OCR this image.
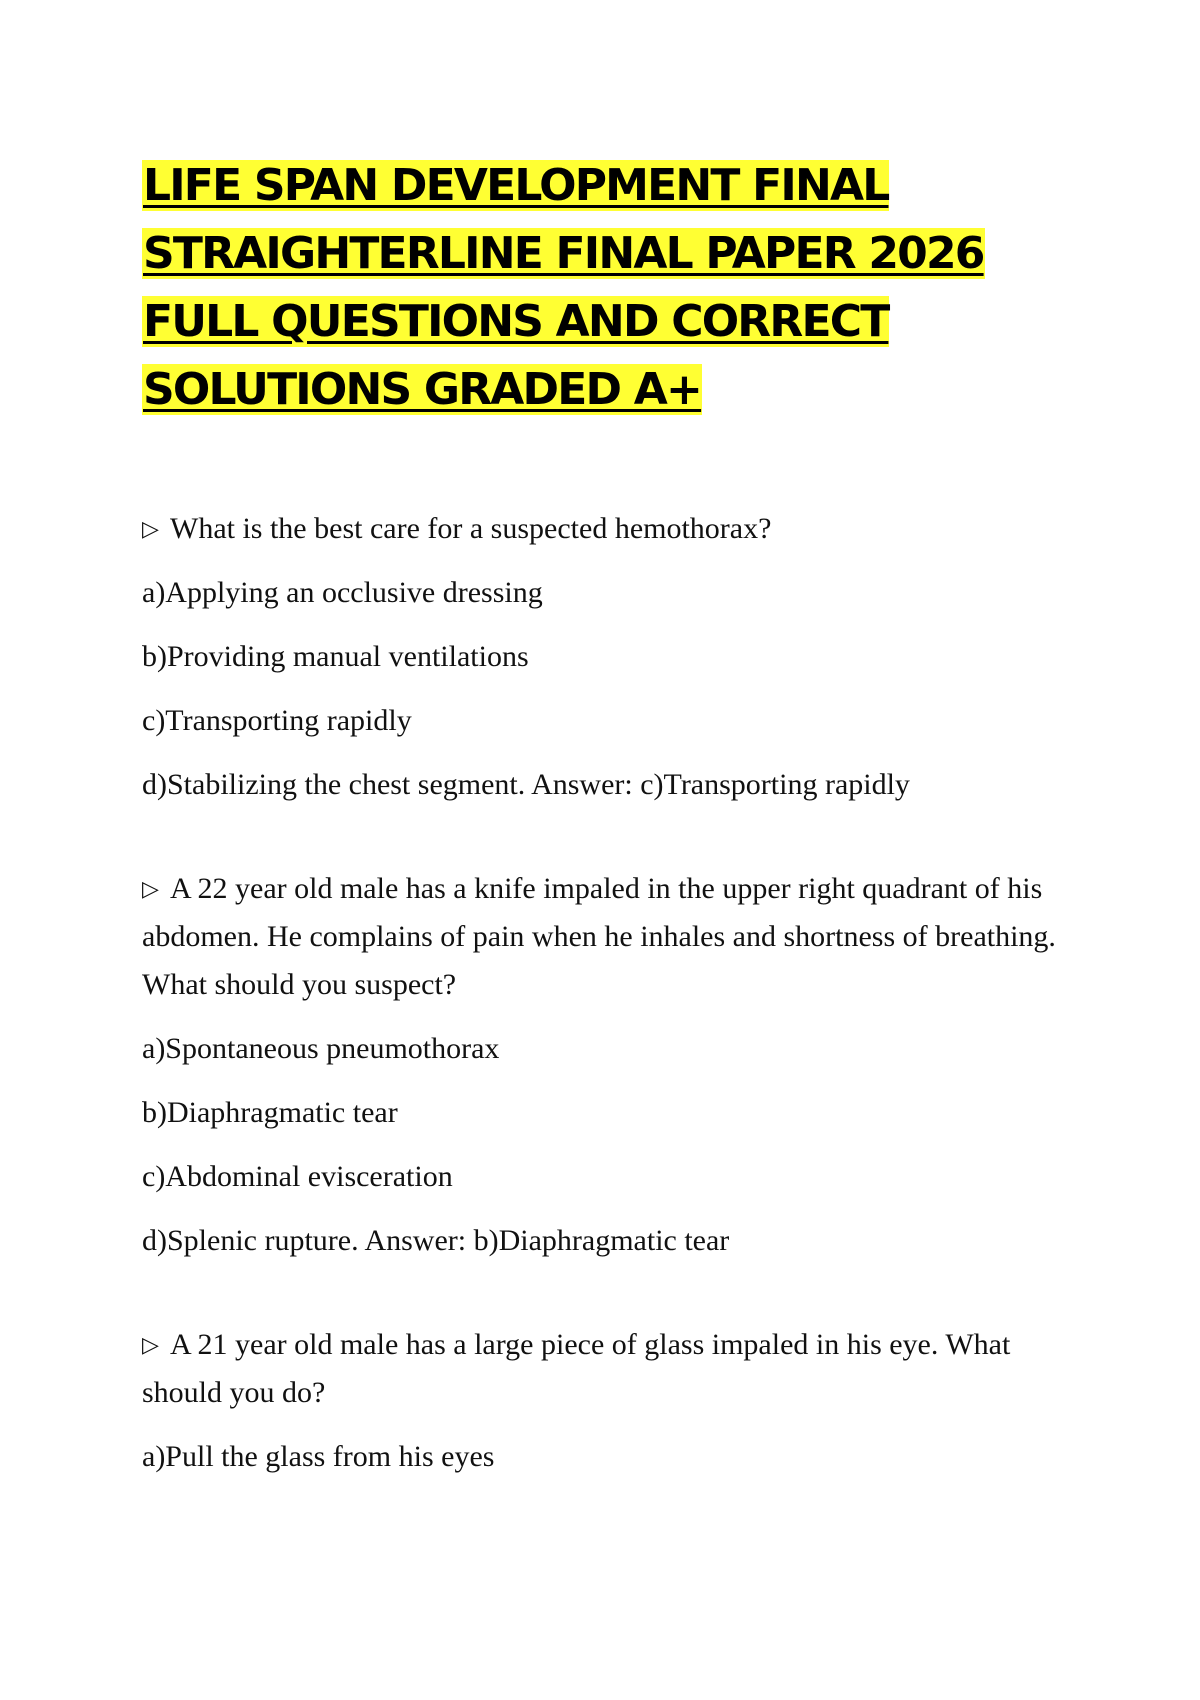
LIFE SPAN DEVELOPMENT FINAL
STRAIGHTERLINE FINAL PAPER 2026
FULL QUESTIONS AND CORRECT
SOLUTIONS GRADED A+

▷ What is the best care for a suspected hemothorax?

a)Applying an occlusive dressing

b)Providing manual ventilations

c)Transporting rapidly

d)Stabilizing the chest segment. Answer: c)Transporting rapidly

▷ A 22 year old male has a knife impaled in the upper right quadrant of his abdomen. He complains of pain when he inhales and shortness of breathing. What should you suspect?

a)Spontaneous pneumothorax

b)Diaphragmatic tear

c)Abdominal evisceration

d)Splenic rupture. Answer: b)Diaphragmatic tear

▷ A 21 year old male has a large piece of glass impaled in his eye. What should you do?

a)Pull the glass from his eyes
